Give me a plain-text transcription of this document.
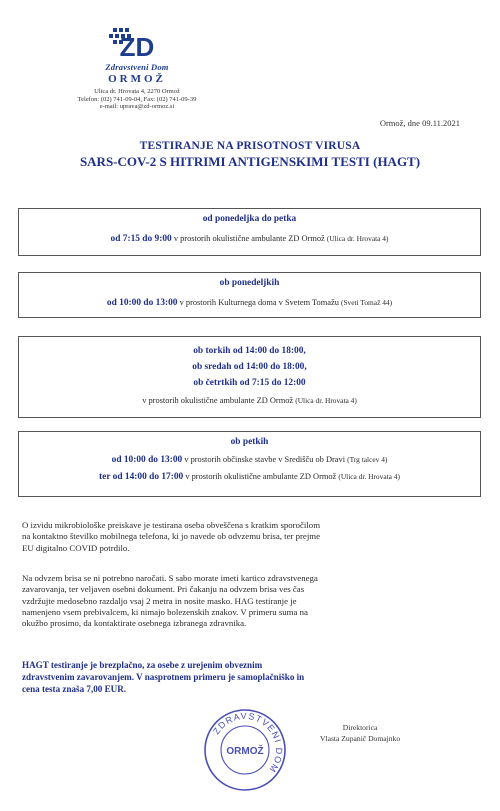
ZD
Zdravstveni Dom
ORMOŽ
Ulica dr. Hrovata 4, 2270 Ormož
Telefon: (02) 741-09-04, Fax: (02) 741-09-39
e-mail: uprava@zd-ormoz.si
Ormož, dne 09.11.2021
TESTIRANJE NA PRISOTNOST VIRUSA
SARS-COV-2 S HITRIMI ANTIGENSKIMI TESTI (HAGT)
od ponedeljka do petka
od 7:15 do 9:00 v prostorih okulistične ambulante ZD Ormož (Ulica dr. Hrovata 4)
ob ponedeljkih
od 10:00 do 13:00 v prostorih Kulturnega doma v Svetem Tomažu (Sveti Tomaž 44)
ob torkih od 14:00 do 18:00,
ob sredah od 14:00 do 18:00,
ob četrtkih od 7:15 do 12:00
v prostorih okulistične ambulante ZD Ormož (Ulica dr. Hrovata 4)
ob petkih
od 10:00 do 13:00 v prostorih občinske stavbe v Središču ob Dravi (Trg talcev 4)
ter od 14:00 do 17:00 v prostorih okulistične ambulante ZD Ormož (Ulica dr. Hrovata 4)
O izvidu mikrobiološke preiskave je testirana oseba obveščena s kratkim sporočilom
na kontaktno številko mobilnega telefona, ki jo navede ob odvzemu brisa, ter prejme
EU digitalno COVID potrdilo.
Na odvzem brisa se ni potrebno naročati. S sabo morate imeti kartico zdravstvenega
zavarovanja, ter veljaven osebni dokument. Pri čakanju na odvzem brisa ves čas
vzdržujte medosebno razdaljo vsaj 2 metra in nosite masko. HAG testiranje je
namenjeno vsem prebivalcem, ki nimajo bolezenskih znakov. V primeru suma na
okužbo prosimo, da kontaktirate osebnega izbranega zdravnika.
HAGT testiranje je brezplačno, za osebe z urejenim obveznim
zdravstvenim zavarovanjem. V nasprotnem primeru je samoplačniško in
cena testa znaša 7,00 EUR.
ZDRAVSTVENI DOM
ORMOŽ
Direktorica
Vlasta Zupanič Domajnko
